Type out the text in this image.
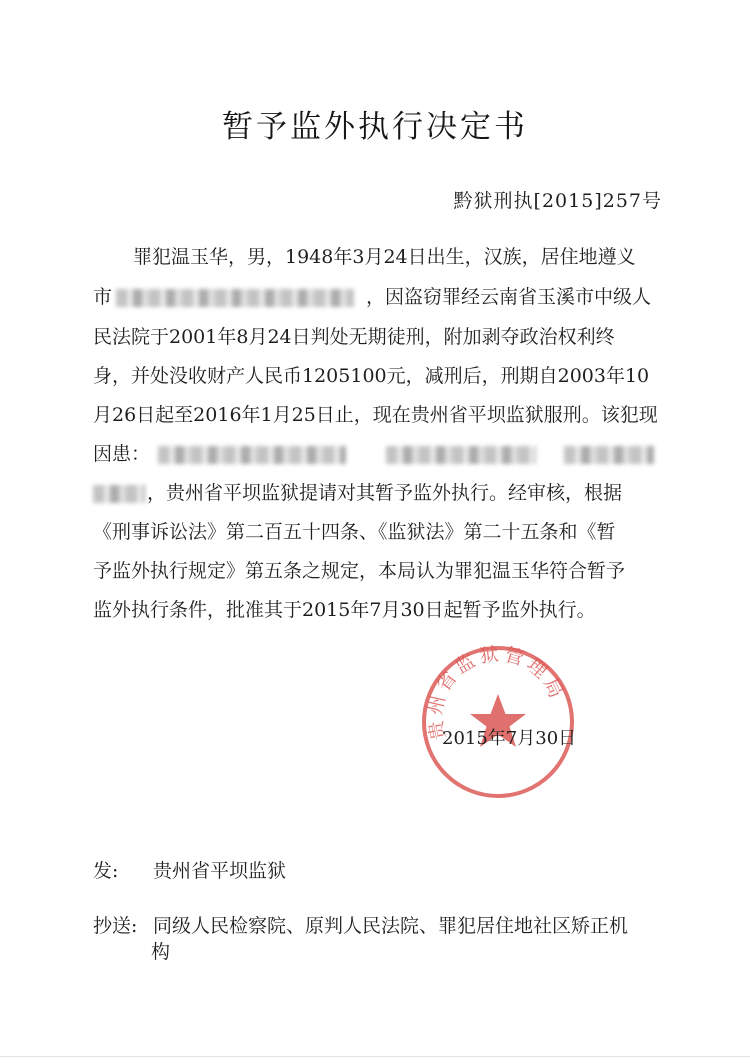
暂予监外执行决定书
黔狱刑执[2015]257号
罪犯温玉华，男，1948年3月24日出生，汉族，居住地遵义
市	，因盗窃罪经云南省玉溪市中级人
民法院于2001年8月24日判处无期徒刑，附加剥夺政治权利终
身，并处没收财产人民币1205100元，减刑后，刑期自2003年10
月26日起至2016年1月25日止，现在贵州省平坝监狱服刑。该犯现
因患：
，贵州省平坝监狱提请对其暂予监外执行。经审核，根据
《刑事诉讼法》第二百五十四条、《监狱法》第二十五条和《暂
予监外执行规定》第五条之规定，本局认为罪犯温玉华符合暂予
监外执行条件，批准其于2015年7月30日起暂予监外执行。
贵州省监狱管理局
2015年7月30日
发: 贵州省平坝监狱
抄送: 同级人民检察院、原判人民法院、罪犯居住地社区矫正机
构
